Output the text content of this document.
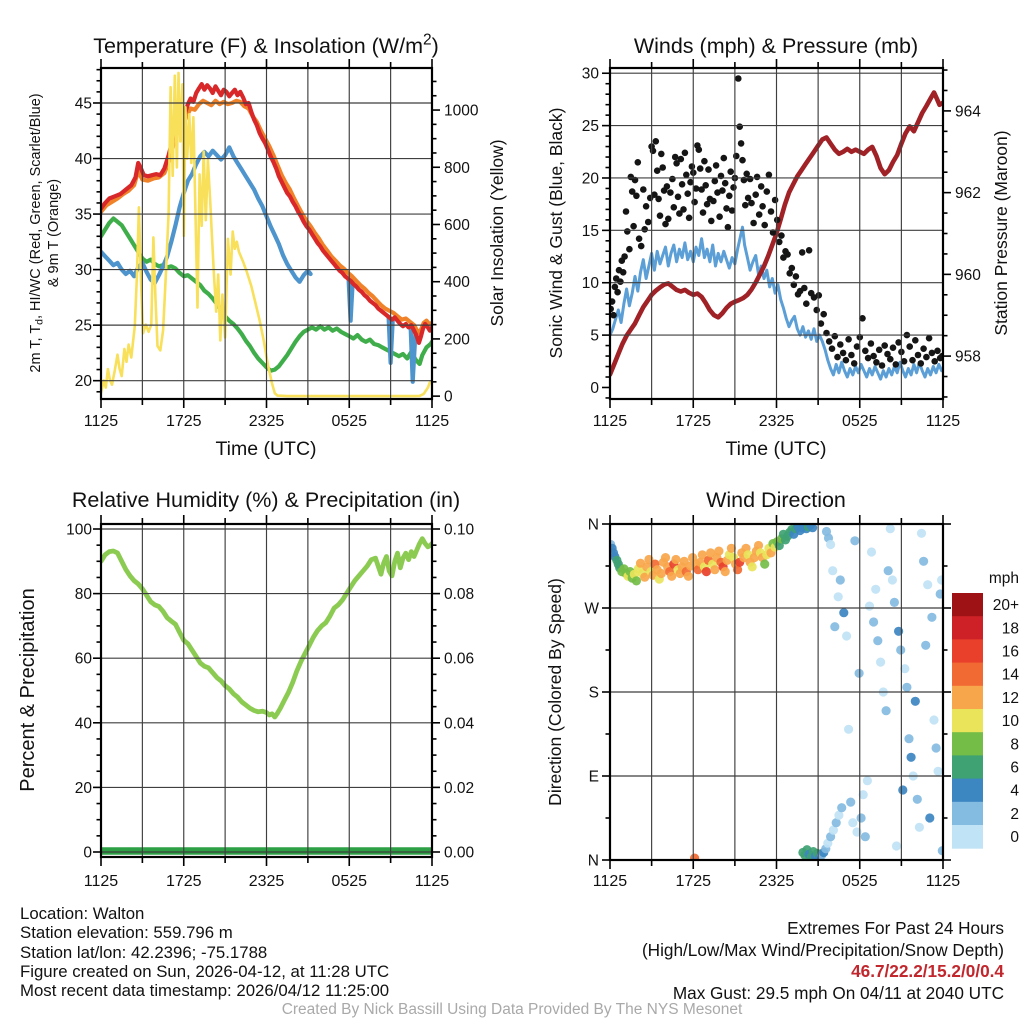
1125	1725	2325	0525	1125
Time (UTC)
20
25
30
35
40
45
0
200
400
600
800
1000
2m T, Td, HI/WC (Red, Green, Scarlet/Blue) & 9m T (Orange)	Solar Insolation (Yellow)
Temperature (F) & Insolation $(W/m^2)$
1125	1725	2325	0525	1125
Time (UTC)
0
5
10
15
20
25
30
958
960
962
964
Sonic Wind & Gust (Blue, Black)	Station Pressure (Maroon)
Winds (mph) & Pressure (mb)
1125	1725	2325	0525	1125
0
20
40
60
80
100
0.00
0.02
0.04
0.06
0.08
0.10
Percent & Precipitation
Relative Humidity (%) & Precipitation (in)
1125	1725	2325	0525	1125
N
W
S
E
N
Direction (Colored By Speed)
Wind Direction
mph
20+
18
16
14
12
10
8
6
4
2
0
Location: Walton
Station elevation: 559.796 m
Station lat/lon: 42.2396; -75.1788
Figure created on Sun, 2026-04-12, at 11:28 UTC
Most recent data timestamp: 2026/04/12 11:25:00
Extremes For Past 24 Hours
(High/Low/Max Wind/Precipitation/Snow Depth)
46.7/22.2/15.2/0/0.4
Max Gust: 29.5 mph On 04/11 at 2040 UTC
Created By Nick Bassill Using Data Provided By The NYS Mesonet
